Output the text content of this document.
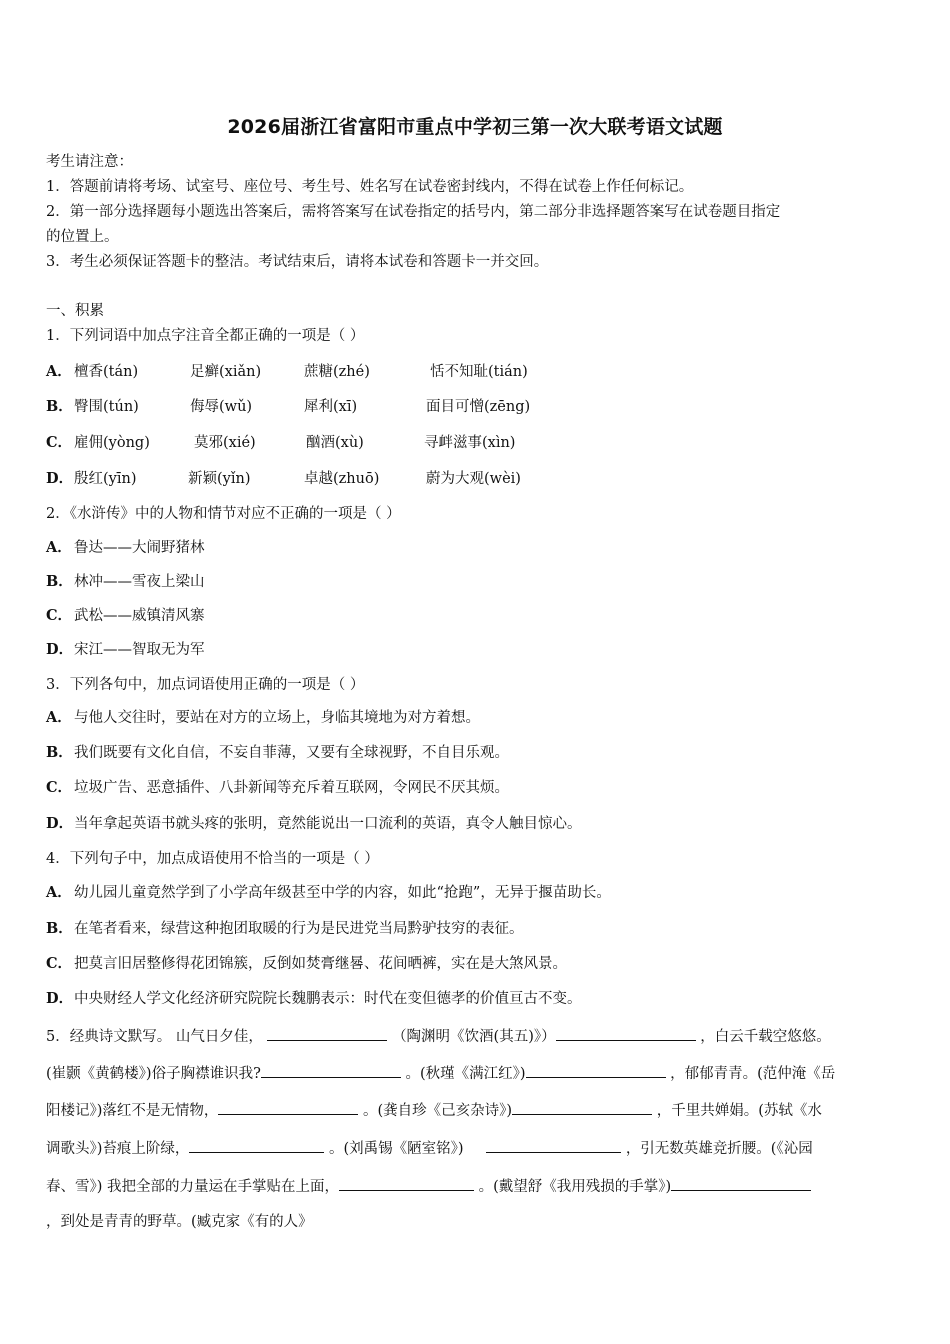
2026届浙江省富阳市重点中学初三第一次大联考语文试题
考生请注意：
1．答题前请将考场、试室号、座位号、考生号、姓名写在试卷密封线内，不得在试卷上作任何标记。
2．第一部分选择题每小题选出答案后，需将答案写在试卷指定的括号内，第二部分非选择题答案写在试卷题目指定
的位置上。
3．考生必须保证答题卡的整洁。考试结束后，请将本试卷和答题卡一并交回。
一、积累
1．下列词语中加点字注音全都正确的一项是（ ）
A． 檀香(tán)	足癣(xiǎn)	蔗糖(zhé)	恬不知耻(tián)
B． 臀围(tún)	侮辱(wǔ)	犀利(xī)	面目可憎(zēng)
C． 雇佣(yòng)	莫邪(xié)	酗酒(xù)	寻衅滋事(xìn)
D． 殷红(yīn)	新颖(yǐn)	卓越(zhuō)	蔚为大观(wèi)
2．《水浒传》中的人物和情节对应不正确的一项是（ ）
A． 鲁达——大闹野猪林
B．林冲——雪夜上梁山
C． 武松——威镇清风寨
D．宋江——智取无为军
3．下列各句中，加点词语使用正确的一项是（ ）
A． 与他人交往时，要站在对方的立场上，身临其境地为对方着想。
B．我们既要有文化自信，不妄自菲薄，又要有全球视野，不自目乐观。
C． 垃圾广告、恶意插件、八卦新闻等充斥着互联网，令网民不厌其烦。
D．当年拿起英语书就头疼的张明，竟然能说出一口流利的英语，真令人触目惊心。
4．下列句子中，加点成语使用不恰当的一项是（ ）
A． 幼儿园儿童竟然学到了小学高年级甚至中学的内容，如此“抢跑”，无异于揠苗助长。
B．在笔者看来，绿营这种抱团取暖的行为是民进党当局黔驴技穷的表征。
C． 把莫言旧居整修得花团锦簇，反倒如焚膏继晷、花间晒裤，实在是大煞风景。
D．中央财经人学文化经济研究院院长魏鹏表示：时代在变但德孝的价值亘古不变。
5．经典诗文默写。 山气日夕佳，	（陶渊明《饮酒(其五)》）	，白云千载空悠悠。
(崔颢《黄鹤楼》)俗子胸襟谁识我?	。(秋瑾《满江红》)	，郁郁青青。(范仲淹《岳
阳楼记》)落红不是无情物，	。(龚自珍《己亥杂诗》)	，千里共婵娟。(苏轼《水
调歌头》)苔痕上阶绿，	。(刘禹锡《陋室铭》)	，引无数英雄竞折腰。(《沁园
春、雪》) 我把全部的力量运在手掌贴在上面，	。(戴望舒《我用残损的手掌》)
，到处是青青的野草。(臧克家《有的人》
